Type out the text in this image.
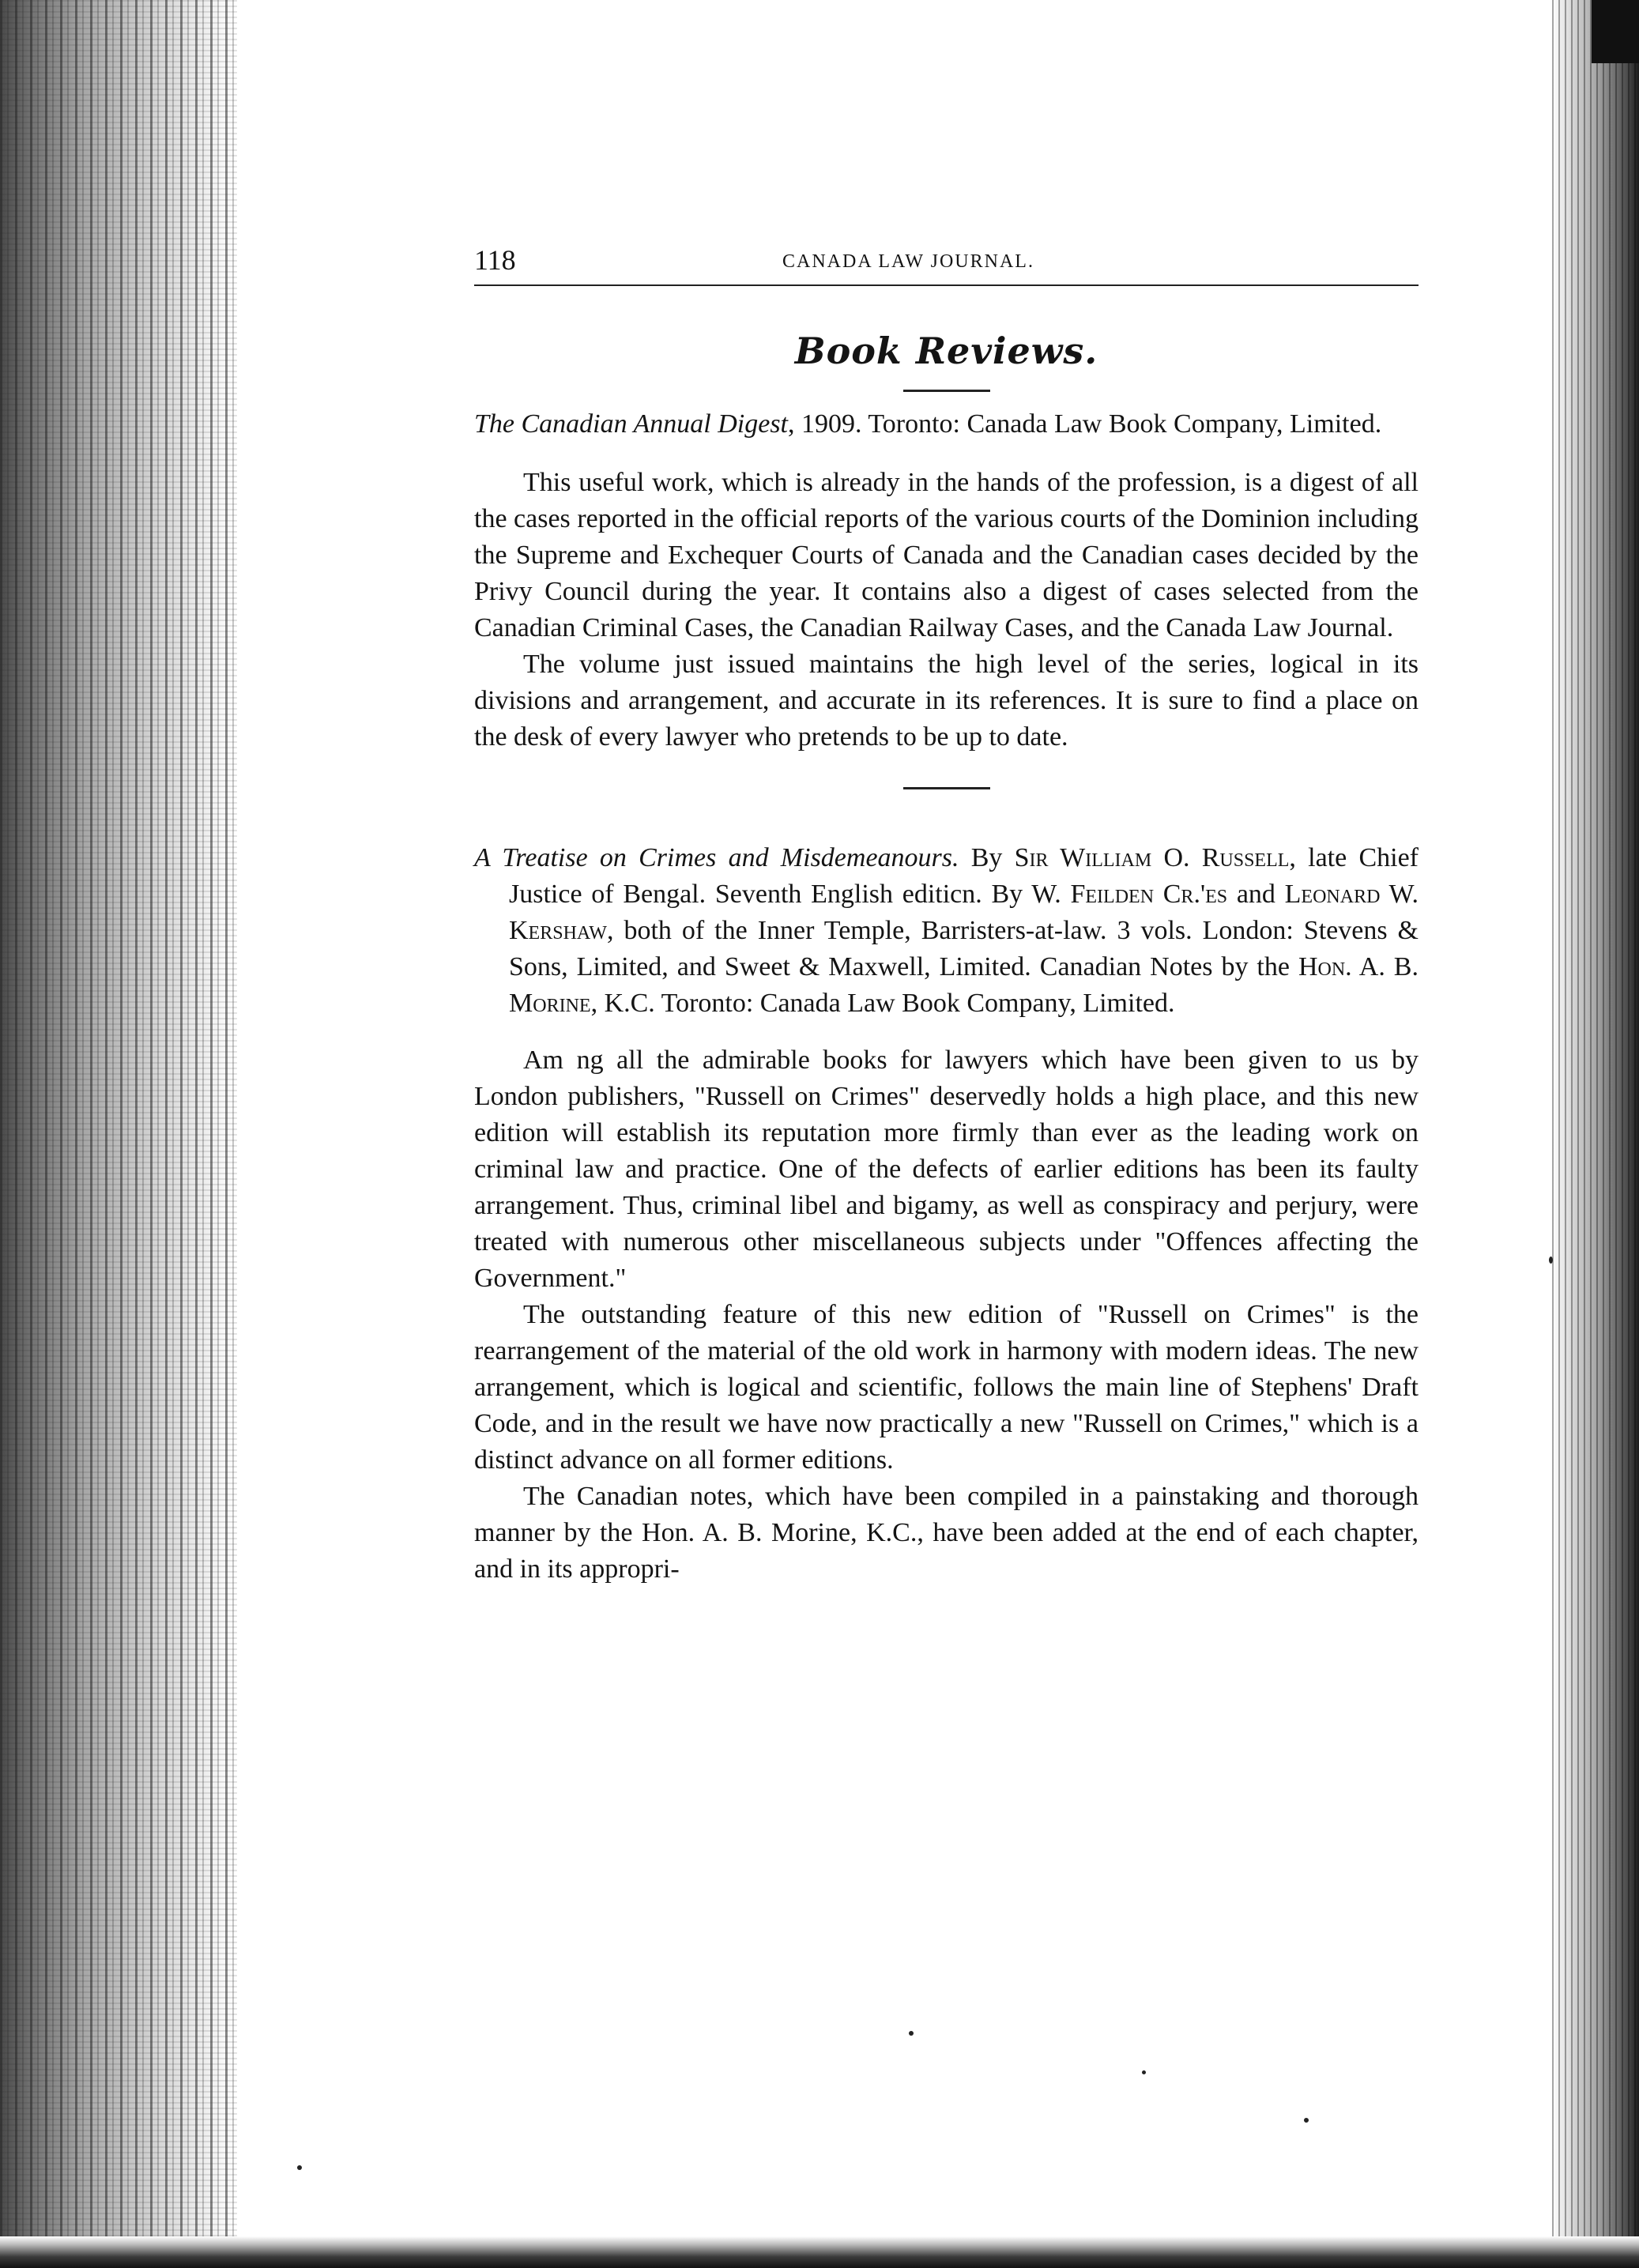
118	CANADA LAW JOURNAL.
Book Reviews.
The Canadian Annual Digest, 1909. Toronto: Canada Law Book Company, Limited.

This useful work, which is already in the hands of the profession, is a digest of all the cases reported in the official reports of the various courts of the Dominion including the Supreme and Exchequer Courts of Canada and the Canadian cases decided by the Privy Council during the year. It contains also a digest of cases selected from the Canadian Criminal Cases, the Canadian Railway Cases, and the Canada Law Journal.

The volume just issued maintains the high level of the series, logical in its divisions and arrangement, and accurate in its references. It is sure to find a place on the desk of every lawyer who pretends to be up to date.

A Treatise on Crimes and Misdemeanours. By Sir William O. Russell, late Chief Justice of Bengal. Seventh English editicn. By W. Feilden Cr.'es and Leonard W. Kershaw, both of the Inner Temple, Barristers-at-law. 3 vols. London: Stevens & Sons, Limited, and Sweet & Maxwell, Limited. Canadian Notes by the Hon. A. B. Morine, K.C. Toronto: Canada Law Book Company, Limited.

Am ng all the admirable books for lawyers which have been given to us by London publishers, "Russell on Crimes" deservedly holds a high place, and this new edition will establish its reputation more firmly than ever as the leading work on criminal law and practice. One of the defects of earlier editions has been its faulty arrangement. Thus, criminal libel and bigamy, as well as conspiracy and perjury, were treated with numerous other miscellaneous subjects under "Offences affecting the Government."

The outstanding feature of this new edition of "Russell on Crimes" is the rearrangement of the material of the old work in harmony with modern ideas. The new arrangement, which is logical and scientific, follows the main line of Stephens' Draft Code, and in the result we have now practically a new "Russell on Crimes," which is a distinct advance on all former editions.

The Canadian notes, which have been compiled in a painstaking and thorough manner by the Hon. A. B. Morine, K.C., have been added at the end of each chapter, and in its appropri-
